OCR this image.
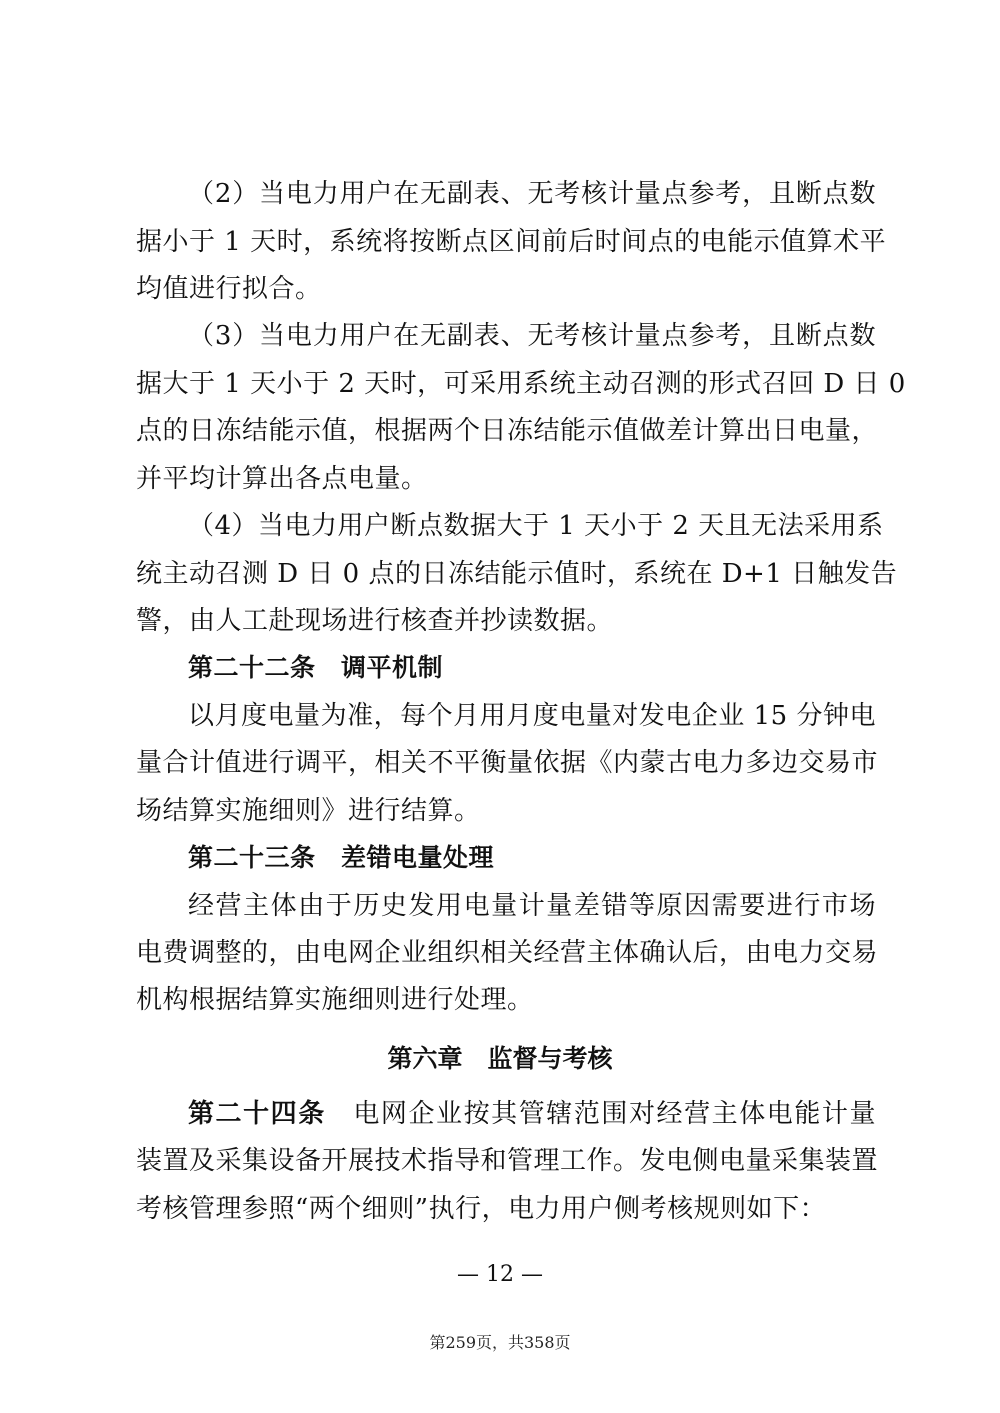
（2）当电力用户在无副表、无考核计量点参考，且断点数
据小于 1 天时，系统将按断点区间前后时间点的电能示值算术平
均值进行拟合。
（3）当电力用户在无副表、无考核计量点参考，且断点数
据大于 1 天小于 2 天时，可采用系统主动召测的形式召回 D 日 0
点的日冻结能示值，根据两个日冻结能示值做差计算出日电量，
并平均计算出各点电量。
（4）当电力用户断点数据大于 1 天小于 2 天且无法采用系
统主动召测 D 日 0 点的日冻结能示值时，系统在 D+1 日触发告
警，由人工赴现场进行核查并抄读数据。
第二十二条　调平机制
以月度电量为准，每个月用月度电量对发电企业 15 分钟电
量合计值进行调平，相关不平衡量依据《内蒙古电力多边交易市
场结算实施细则》进行结算。
第二十三条　差错电量处理
经营主体由于历史发用电量计量差错等原因需要进行市场
电费调整的，由电网企业组织相关经营主体确认后，由电力交易
机构根据结算实施细则进行处理。
第六章　监督与考核
第二十四条　电网企业按其管辖范围对经营主体电能计量
装置及采集设备开展技术指导和管理工作。发电侧电量采集装置
考核管理参照“两个细则”执行，电力用户侧考核规则如下：
— 12 —
第259页，共358页
